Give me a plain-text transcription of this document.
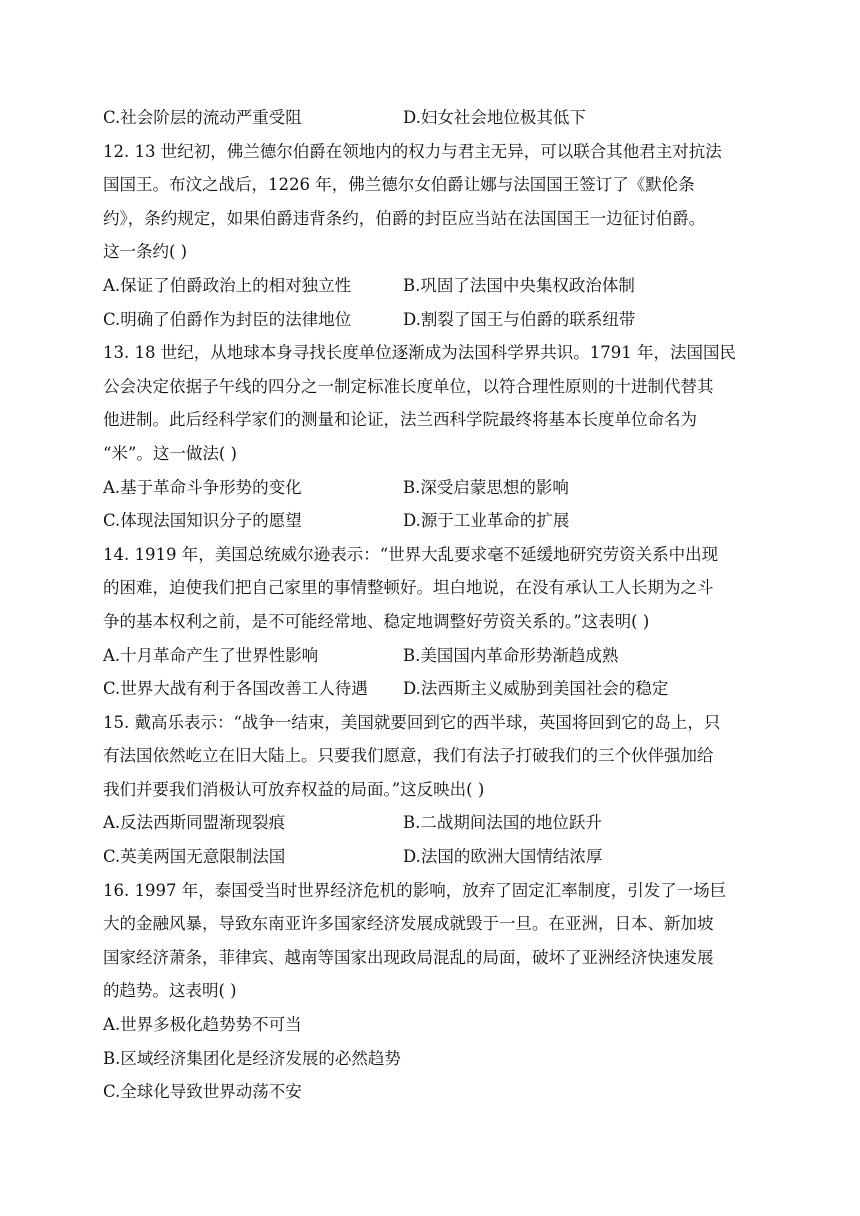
C.社会阶层的流动严重受阻	D.妇女社会地位极其低下
12. 13 世纪初，佛兰德尔伯爵在领地内的权力与君主无异，可以联合其他君主对抗法
国国王。布汶之战后，1226 年，佛兰德尔女伯爵让娜与法国国王签订了《默伦条
约》，条约规定，如果伯爵违背条约，伯爵的封臣应当站在法国国王一边征讨伯爵。
这一条约( )
A.保证了伯爵政治上的相对独立性	B.巩固了法国中央集权政治体制
C.明确了伯爵作为封臣的法律地位	D.割裂了国王与伯爵的联系纽带
13. 18 世纪，从地球本身寻找长度单位逐渐成为法国科学界共识。1791 年，法国国民
公会决定依据子午线的四分之一制定标准长度单位，以符合理性原则的十进制代替其
他进制。此后经科学家们的测量和论证，法兰西科学院最终将基本长度单位命名为
“米”。这一做法( )
A.基于革命斗争形势的变化	B.深受启蒙思想的影响
C.体现法国知识分子的愿望	D.源于工业革命的扩展
14. 1919 年，美国总统威尔逊表示：“世界大乱要求毫不延缓地研究劳资关系中出现
的困难，迫使我们把自己家里的事情整顿好。坦白地说，在没有承认工人长期为之斗
争的基本权利之前，是不可能经常地、稳定地调整好劳资关系的。”这表明( )
A.十月革命产生了世界性影响	B.美国国内革命形势渐趋成熟
C.世界大战有利于各国改善工人待遇	D.法西斯主义威胁到美国社会的稳定
15. 戴高乐表示：“战争一结束，美国就要回到它的西半球，英国将回到它的岛上，只
有法国依然屹立在旧大陆上。只要我们愿意，我们有法子打破我们的三个伙伴强加给
我们并要我们消极认可放弃权益的局面。”这反映出( )
A.反法西斯同盟渐现裂痕	B.二战期间法国的地位跃升
C.英美两国无意限制法国	D.法国的欧洲大国情结浓厚
16. 1997 年，泰国受当时世界经济危机的影响，放弃了固定汇率制度，引发了一场巨
大的金融风暴，导致东南亚许多国家经济发展成就毁于一旦。在亚洲，日本、新加坡
国家经济萧条，菲律宾、越南等国家出现政局混乱的局面，破坏了亚洲经济快速发展
的趋势。这表明( )
A.世界多极化趋势势不可当
B.区域经济集团化是经济发展的必然趋势
C.全球化导致世界动荡不安
